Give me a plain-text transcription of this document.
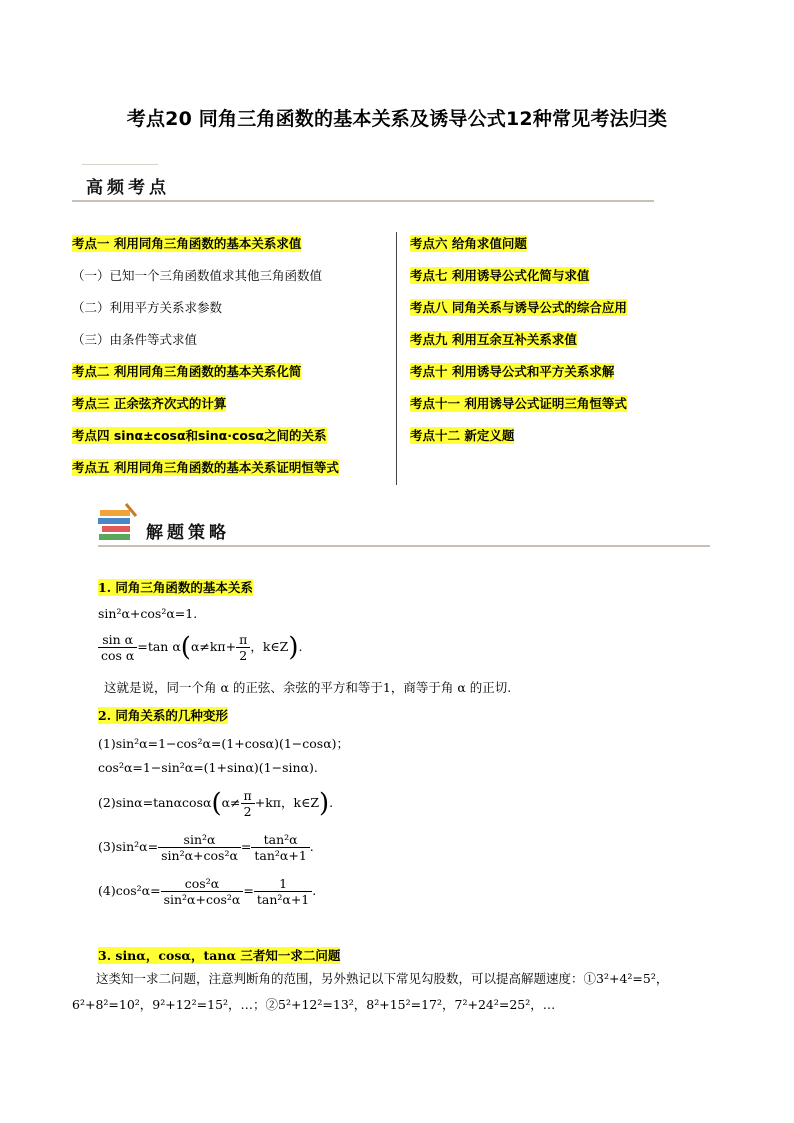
考点20 同角三角函数的基本关系及诱导公式12种常见考法归类
高频考点
考点一 利用同角三角函数的基本关系求值
（一）已知一个三角函数值求其他三角函数值
（二）利用平方关系求参数
（三）由条件等式求值
考点二 利用同角三角函数的基本关系化简
考点三 正余弦齐次式的计算
考点四 sinα±cosα和sinα·cosα之间的关系
考点五 利用同角三角函数的基本关系证明恒等式
考点六 给角求值问题
考点七 利用诱导公式化简与求值
考点八 同角关系与诱导公式的综合应用
考点九 利用互余互补关系求值
考点十 利用诱导公式和平方关系求解
考点十一 利用诱导公式证明三角恒等式
考点十二 新定义题
解题策略
1. 同角三角函数的基本关系
sin²α+cos²α=1.
$\frac{\text{sin α}}{\text{cos α}} =\tan$ $\alpha(\alpha\ne k\pi+ \frac{\pi}{2}$ ，k∈Z).
这就是说，同一个角 α 的正弦、余弦的平方和等于1，商等于角 α 的正切.
2. 同角关系的几种变形
(1)sin²α=1−cos²α=(1+cosα)(1−cosα)；
cos²α=1−sin²α=(1+sinα)(1−sinα).
$(2)\sin\alpha=\tan\alpha\cos\alpha(\alpha\ne \frac{\pi}{2} +k\pi$，k∈Z).
$(3)\sin^2\alpha= \frac{\text{sin²α}}{\text{sin²α+cos²α}} = \frac{\text{tan²α}}{\text{tan²α+1}}$ .
$(4)\cos^2\alpha= \frac{\text{cos²α}}{\text{sin²α+cos²α}} = \frac{1}{\text{tan²α+1}}$ .
3. sinα，cosα，tanα 三者知一求二问题
这类知一求二问题，注意判断角的范围，另外熟记以下常见勾股数，可以提高解题速度：①3²+4²=5²，6²+8²=10²，9²+12²=15²，…；②5²+12²=13²，8²+15²=17²，7²+24²=25²，…
